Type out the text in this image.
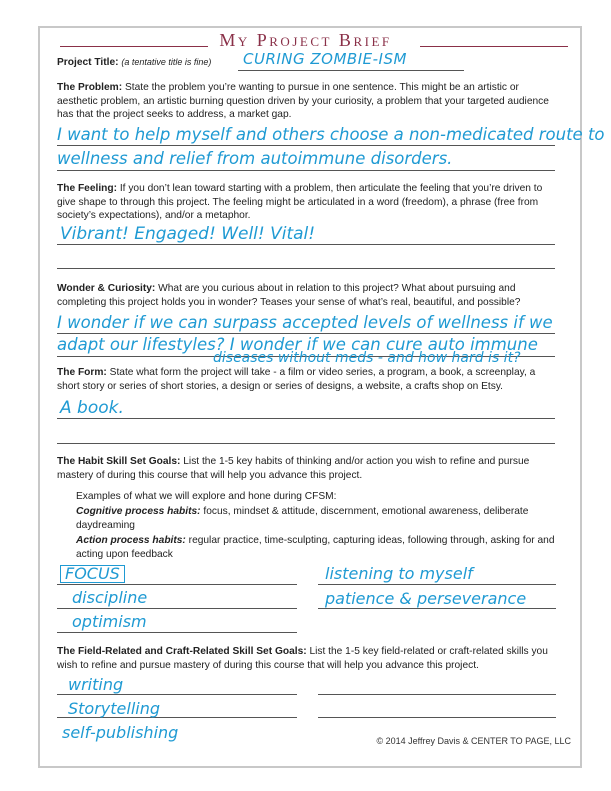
My Project Brief

Project Title: (a tentative title is fine)	CURING ZOMBIE-ISM

The Problem: State the problem you’re wanting to pursue in one sentence. This might be an artistic or aesthetic problem, an artistic burning question driven by your curiosity, a problem that your targeted audience has that the project seeks to address, a market gap.

I want to help myself and others choose a non-medicated route to
wellness and relief from autoimmune disorders.

The Feeling: If you don’t lean toward starting with a problem, then articulate the feeling that you’re driven to give shape to through this project. The feeling might be articulated in a word (freedom), a phrase (free from society’s expectations), and/or a metaphor.

Vibrant! Engaged! Well! Vital!

Wonder & Curiosity: What are you curious about in relation to this project? What about pursuing and completing this project holds you in wonder? Teases your sense of what’s real, beautiful, and possible?

I wonder if we can surpass accepted levels of wellness if we
adapt our lifestyles? I wonder if we can cure auto immune
diseases without meds - and how hard is it?

The Form: State what form the project will take - a film or video series, a program, a book, a screenplay, a short story or series of short stories, a design or series of designs, a website, a crafts shop on Etsy.

A book.

The Habit Skill Set Goals: List the 1-5 key habits of thinking and/or action you wish to refine and pursue mastery of during this course that will help you advance this project.

Examples of what we will explore and hone during CFSM:

Cognitive process habits: focus, mindset & attitude, discernment, emotional awareness, deliberate daydreaming

Action process habits: regular practice, time-sculpting, capturing ideas, following through, asking for and acting upon feedback

FOCUS
discipline
optimism
listening to myself
patience & perseverance

The Field-Related and Craft-Related Skill Set Goals: List the 1-5 key field-related or craft-related skills you wish to refine and pursue mastery of during this course that will help you advance this project.

writing
Storytelling
self-publishing	© 2014 Jeffrey Davis & CENTER TO PAGE, LLC
